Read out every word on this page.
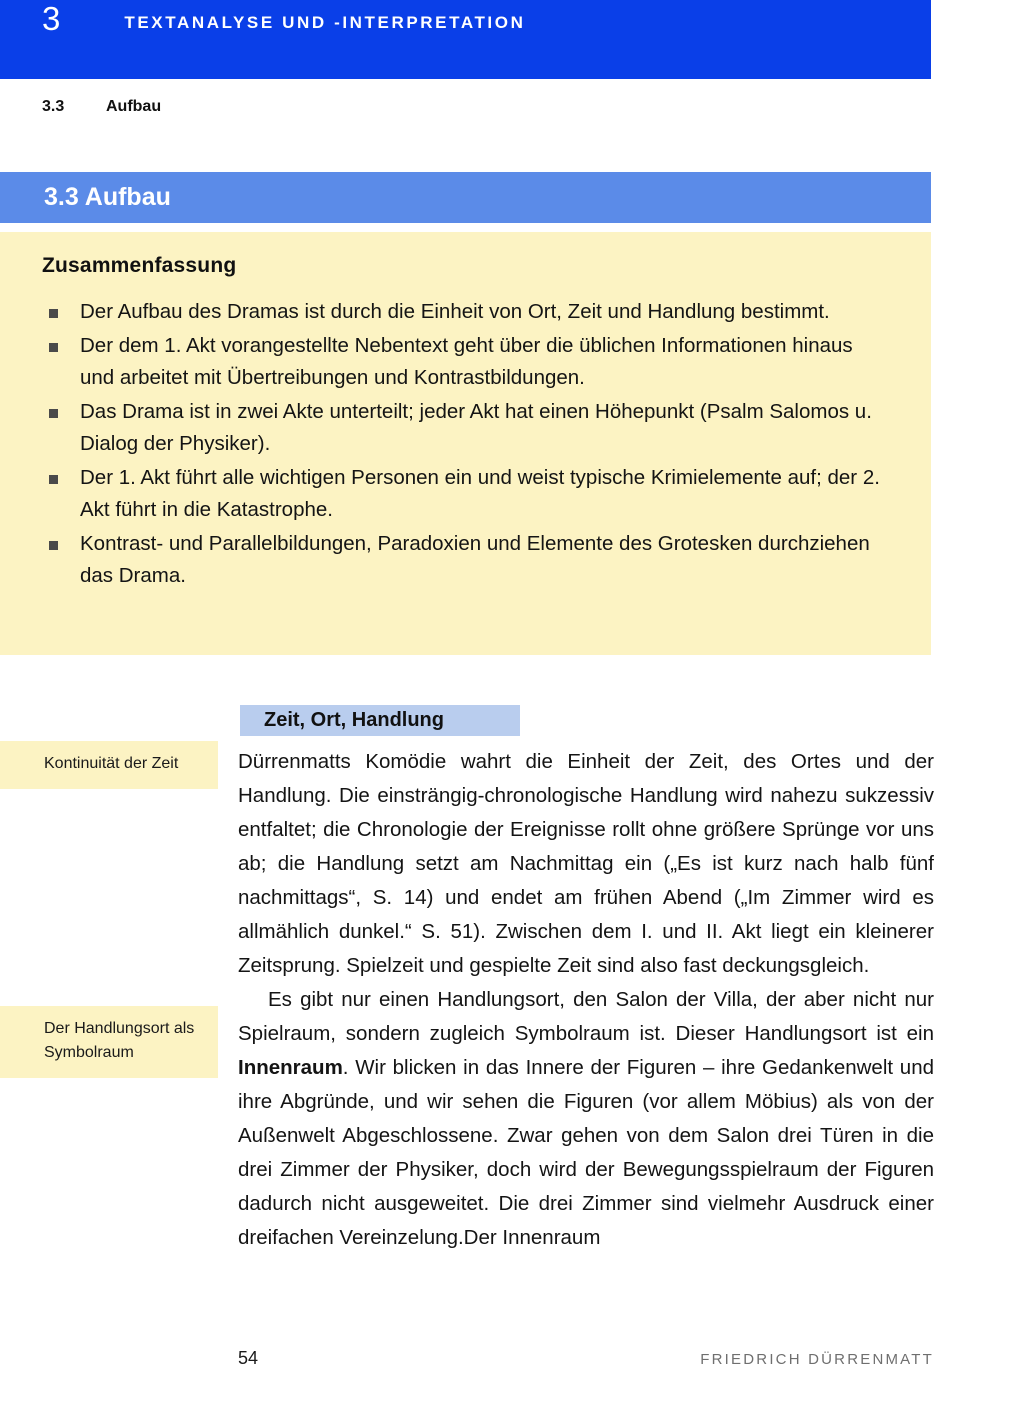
3	TEXTANALYSE UND -INTERPRETATION
3.3	Aufbau
3.3 Aufbau
Zusammenfassung
Der Aufbau des Dramas ist durch die Einheit von Ort, Zeit und Handlung bestimmt.
Der dem 1. Akt vorangestellte Nebentext geht über die üblichen Informationen hinaus und arbeitet mit Übertreibungen und Kontrastbildungen.
Das Drama ist in zwei Akte unterteilt; jeder Akt hat einen Höhepunkt (Psalm Salomos u. Dialog der Physiker).
Der 1. Akt führt alle wichtigen Personen ein und weist typische Krimielemente auf; der 2. Akt führt in die Katastrophe.
Kontrast- und Parallelbildungen, Paradoxien und Elemente des Grotesken durchziehen das Drama.
Zeit, Ort, Handlung
Kontinuität der Zeit
Der Handlungsort als Symbolraum

Dürrenmatts Komödie wahrt die Einheit der Zeit, des Ortes und der Handlung. Die einsträngig-chronologische Handlung wird nahezu sukzessiv entfaltet; die Chronologie der Ereignisse rollt ohne größere Sprünge vor uns ab; die Handlung setzt am Nachmittag ein („Es ist kurz nach halb fünf nachmittags“, S. 14) und endet am frühen Abend („Im Zimmer wird es allmählich dunkel.“ S. 51). Zwischen dem I. und II. Akt liegt ein kleinerer Zeitsprung. Spielzeit und gespielte Zeit sind also fast deckungsgleich.

Es gibt nur einen Handlungsort, den Salon der Villa, der aber nicht nur Spielraum, sondern zugleich Symbolraum ist. Dieser Handlungsort ist ein Innenraum. Wir blicken in das Innere der Figuren – ihre Gedankenwelt und ihre Abgründe, und wir sehen die Figuren (vor allem Möbius) als von der Außenwelt Abgeschlossene. Zwar gehen von dem Salon drei Türen in die drei Zimmer der Physiker, doch wird der Bewegungsspielraum der Figuren dadurch nicht ausgeweitet. Die drei Zimmer sind vielmehr Ausdruck einer dreifachen Vereinzelung.Der Innenraum

54	FRIEDRICH DÜRRENMATT
